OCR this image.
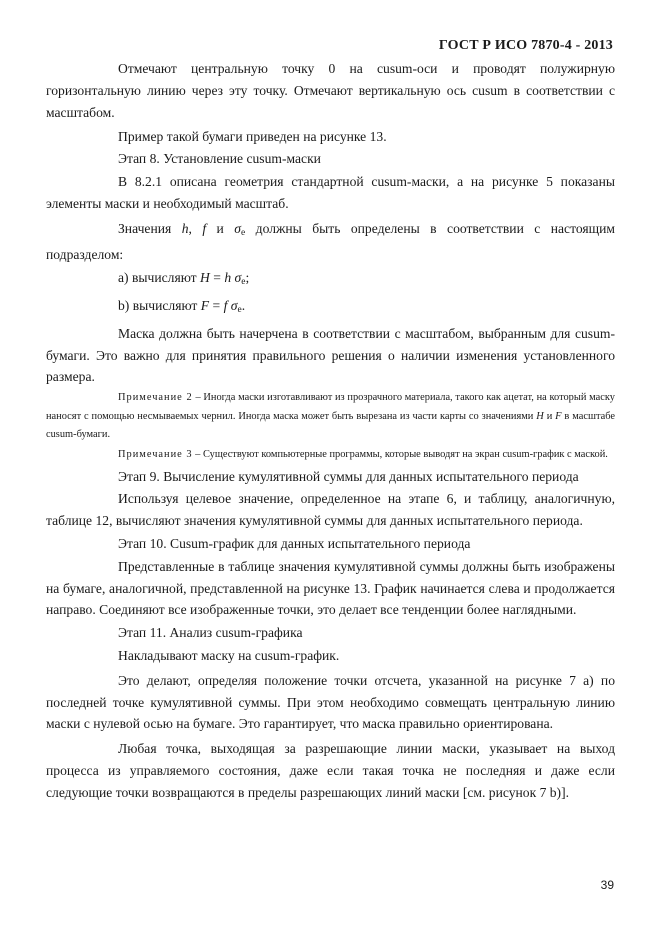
ГОСТ Р ИСО 7870-4 - 2013

Отмечают центральную точку 0 на cusum-оси и проводят полужирную горизонтальную линию через эту точку. Отмечают вертикальную ось cusum в соответствии с масштабом.

Пример такой бумаги приведен на рисунке 13.

Этап 8. Установление cusum-маски

В 8.2.1 описана геометрия стандартной cusum-маски, а на рисунке 5 показаны элементы маски и необходимый масштаб.

Значения h, f и $\sigma_e$ должны быть определены в соответствии с настоящим подразделом:

a) вычисляют H = h $\sigma_e$;

b) вычисляют F = f $\sigma_e$.

Маска должна быть начерчена в соответствии с масштабом, выбранным для cusum-бумаги. Это важно для принятия правильного решения о наличии изменения установленного размера.

Примечание 2 – Иногда маски изготавливают из прозрачного материала, такого как ацетат, на который маску наносят с помощью несмываемых чернил. Иногда маска может быть вырезана из части карты со значениями H и F в масштабе cusum-бумаги.

Примечание 3 – Существуют компьютерные программы, которые выводят на экран cusum-график с маской.

Этап 9. Вычисление кумулятивной суммы для данных испытательного периода

Используя целевое значение, определенное на этапе 6, и таблицу, аналогичную, таблице 12, вычисляют значения кумулятивной суммы для данных испытательного периода.

Этап 10. Cusum-график для данных испытательного периода

Представленные в таблице значения кумулятивной суммы должны быть изображены на бумаге, аналогичной, представленной на рисунке 13. График начинается слева и продолжается направо. Соединяют все изображенные точки, это делает все тенденции более наглядными.

Этап 11. Анализ cusum-графика

Накладывают маску на cusum-график.

Это делают, определяя положение точки отсчета, указанной на рисунке 7 a) по последней точке кумулятивной суммы. При этом необходимо совмещать центральную линию маски с нулевой осью на бумаге. Это гарантирует, что маска правильно ориентирована.

Любая точка, выходящая за разрешающие линии маски, указывает на выход процесса из управляемого состояния, даже если такая точка не последняя и даже если следующие точки возвращаются в пределы разрешающих линий маски [см. рисунок 7 b)].

39
